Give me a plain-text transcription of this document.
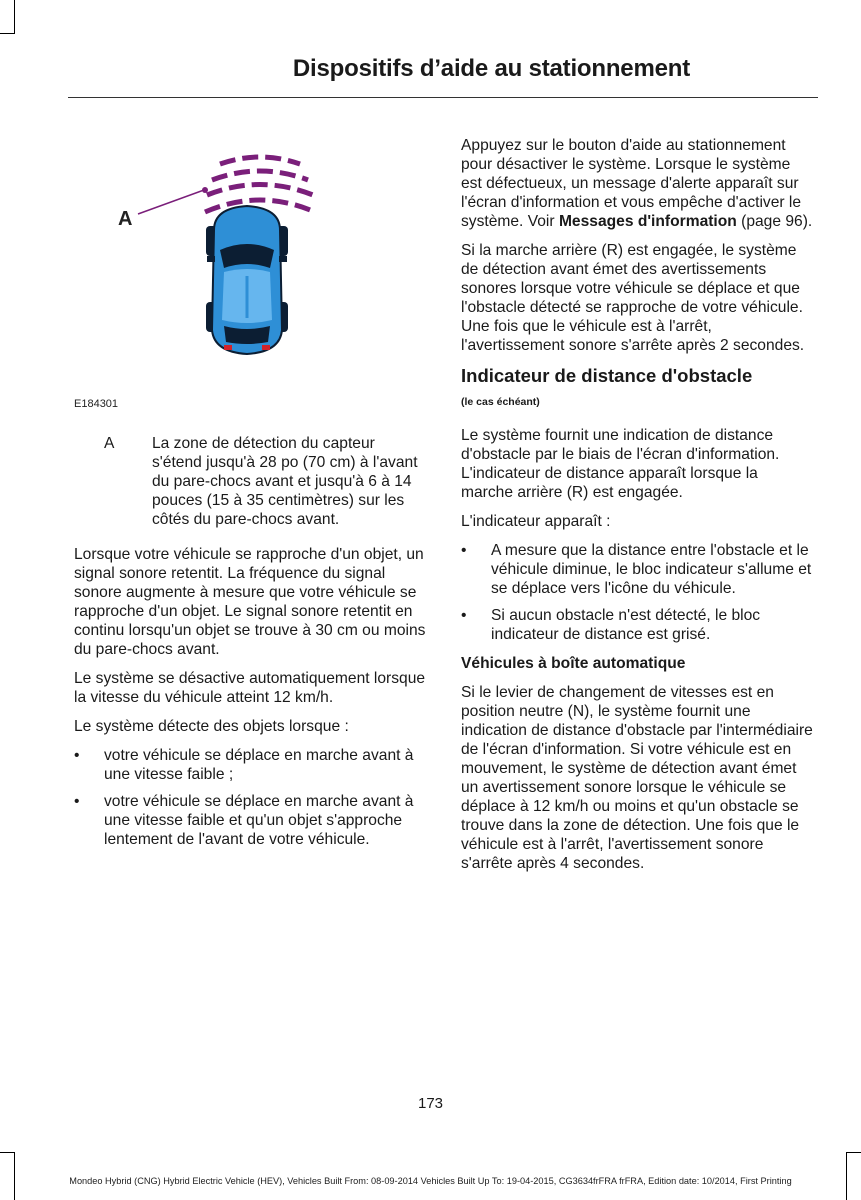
Dispositifs d’aide au stationnement
A
E184301
A	La zone de détection du capteur s'étend jusqu'à 28 po (70 cm) à l'avant du pare-chocs avant et jusqu'à 6 à 14 pouces (15 à 35 centimètres) sur les côtés du pare-chocs avant.

Lorsque votre véhicule se rapproche d'un objet, un signal sonore retentit. La fréquence du signal sonore augmente à mesure que votre véhicule se rapproche d'un objet. Le signal sonore retentit en continu lorsqu'un objet se trouve à 30 cm ou moins du pare-chocs avant.

Le système se désactive automatiquement lorsque la vitesse du véhicule atteint 12 km/h.

Le système détecte des objets lorsque :

• votre véhicule se déplace en marche avant à une vitesse faible ;
• votre véhicule se déplace en marche avant à une vitesse faible et qu'un objet s'approche lentement de l'avant de votre véhicule.

Appuyez sur le bouton d'aide au stationnement pour désactiver le système. Lorsque le système est défectueux, un message d'alerte apparaît sur l'écran d'information et vous empêche d'activer le système. Voir Messages d'information (page 96).

Si la marche arrière (R) est engagée, le système de détection avant émet des avertissements sonores lorsque votre véhicule se déplace et que l'obstacle détecté se rapproche de votre véhicule. Une fois que le véhicule est à l'arrêt, l'avertissement sonore s'arrête après 2 secondes.

Indicateur de distance d'obstacle
(le cas échéant)

Le système fournit une indication de distance d'obstacle par le biais de l'écran d'information. L'indicateur de distance apparaît lorsque la marche arrière (R) est engagée.

L'indicateur apparaît :

• A mesure que la distance entre l'obstacle et le véhicule diminue, le bloc indicateur s'allume et se déplace vers l'icône du véhicule.
• Si aucun obstacle n'est détecté, le bloc indicateur de distance est grisé.
Véhicules à boîte automatique

Si le levier de changement de vitesses est en position neutre (N), le système fournit une indication de distance d'obstacle par l'intermédiaire de l'écran d'information. Si votre véhicule est en mouvement, le système de détection avant émet un avertissement sonore lorsque le véhicule se déplace à 12 km/h ou moins et qu'un obstacle se trouve dans la zone de détection. Une fois que le véhicule est à l'arrêt, l'avertissement sonore s'arrête après 4 secondes.

173
Mondeo Hybrid (CNG) Hybrid Electric Vehicle (HEV), Vehicles Built From: 08-09-2014 Vehicles Built Up To: 19-04-2015, CG3634frFRA frFRA, Edition date: 10/2014, First Printing
